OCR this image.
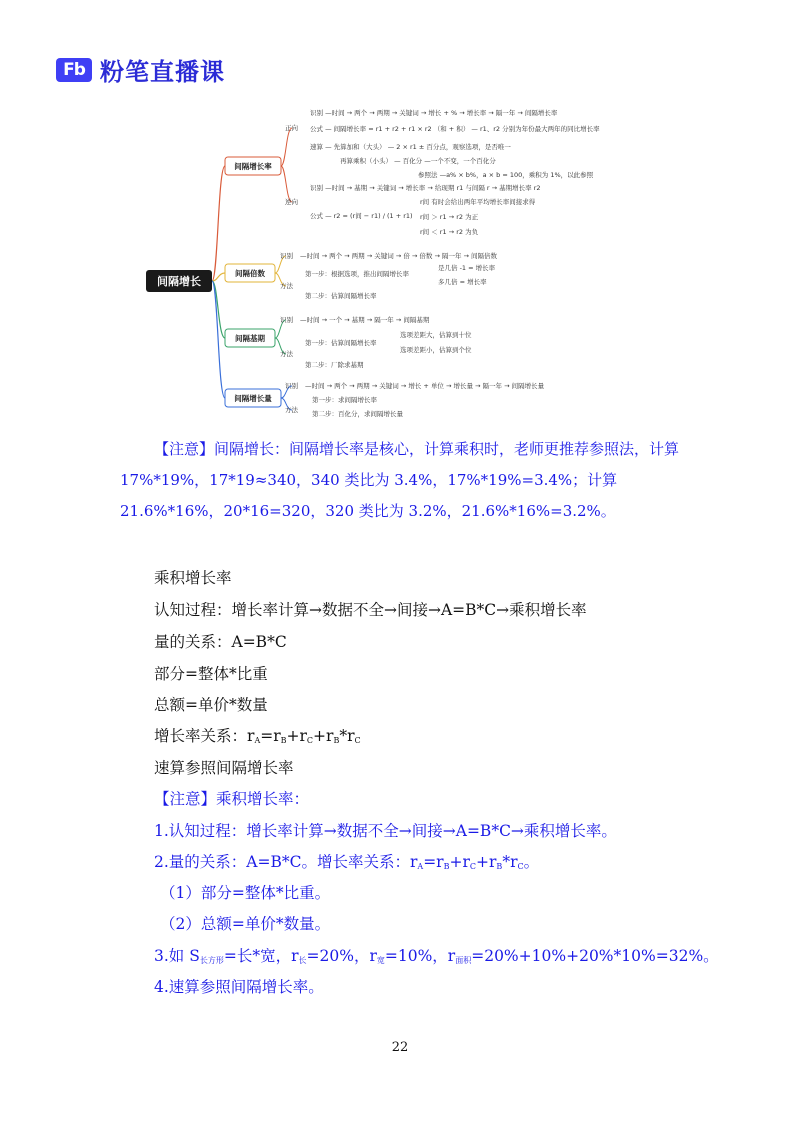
Fb 粉笔直播课
间隔增长
间隔增长率
正向
逆向
识别 —时间 → 两个 → 两期 → 关键词 → 增长 + % → 增长率 → 隔一年 → 间隔增长率
公式 — 间隔增长率 = r1 + r2 + r1 × r2 （和 + 积） — r1、r2 分别为年份最大两年的同比增长率
速算 — 先算加和（大头） — 2 × r1 ± 百分点，观察选项，是否唯一
再算乘积（小头） — 百化分 —一个不变，一个百化分
参照法 —a% × b%，a × b = 100，乘积为 1%，以此参照
识别 —时间 → 基期 → 关键词 → 增长率 → 给现期 r1 与间隔 r → 基期增长率 r2
公式 — r2 = (r间 − r1) / (1 + r1)
r间 有时会给出两年平均增长率间接求得
r间 ＞ r1 → r2 为正
r间 ＜ r1 → r2 为负
间隔倍数
识别
方法
—时间 → 两个 → 两期 → 关键词 → 倍 → 倍数 → 隔一年 → 间隔倍数
第一步：根据选项，推出间隔增长率
是几倍 -1 = 增长率
多几倍 = 增长率
第二步：估算间隔增长率
间隔基期
识别
方法
—时间 → 一个 → 基期 → 隔一年 → 间隔基期
第一步：估算间隔增长率
选项差距大，估算到十位
选项差距小，估算到个位
第二步：厂除求基期
间隔增长量
识别
方法
—时间 → 两个 → 两期 → 关键词 → 增长 + 单位 → 增长量 → 隔一年 → 间隔增长量
第一步：求间隔增长率
第二步：百化分，求间隔增长量
【注意】间隔增长：间隔增长率是核心，计算乘积时，老师更推荐参照法，计算 17%*19%，17*19≈340，340 类比为 3.4%，17%*19%=3.4%；计算 21.6%*16%，20*16=320，320 类比为 3.2%，21.6%*16%=3.2%。
乘积增长率
认知过程：增长率计算→数据不全→间接→A=B*C→乘积增长率
量的关系：A=B*C
部分=整体*比重
总额=单价*数量
增长率关系：$r_A=r_B+r_C+r_B*r_C$
速算参照间隔增长率
【注意】乘积增长率：
1.认知过程：增长率计算→数据不全→间接→A=B*C→乘积增长率。
2.量的关系：A=B*C。增长率关系：$r_A=r_B+r_C+r_B*r_C$。
（1）部分=整体*比重。
（2）总额=单价*数量。
3.如 $S_{长方形}=$长*宽，$r_长=20\%$，$r_宽=10\%$，$r_{面积}=20\%+10\%+20\%*10\%=32\%$。
4.速算参照间隔增长率。
22
